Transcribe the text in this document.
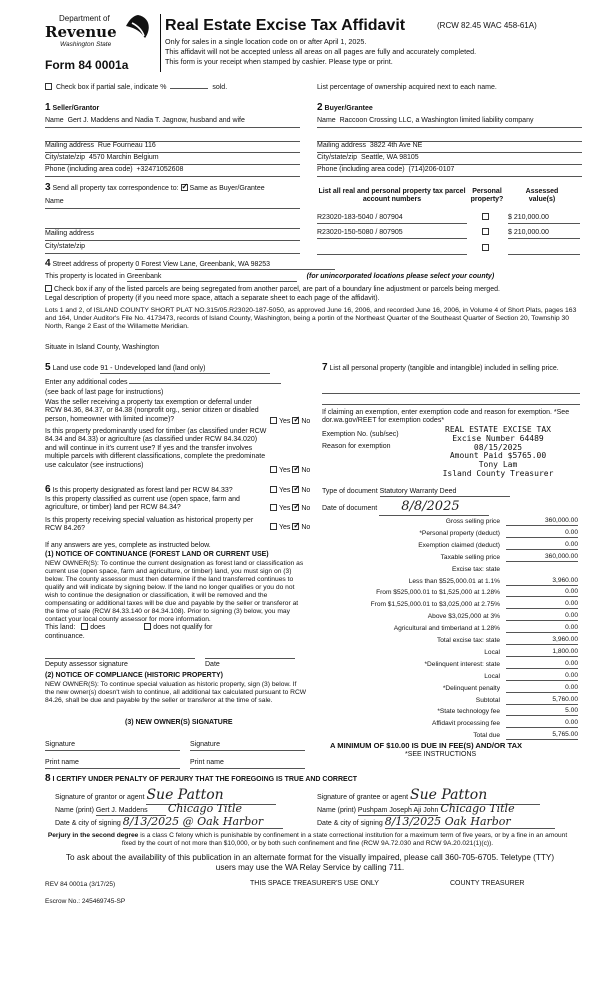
Department of
Revenue
Washington State
Form 84 0001a
Real Estate Excise Tax Affidavit	(RCW 82.45 WAC 458-61A)
Only for sales in a single location code on or after April 1, 2025.
This affidavit will not be accepted unless all areas on all pages are fully and accurately completed.
This form is your receipt when stamped by cashier. Please type or print.
Check box if partial sale, indicate %	sold.	List percentage of ownership acquired next to each name.
1 Seller/Grantor
Name Gert J. Maddens and Nadia T. Jagnow, husband and wife
Mailing address Rue Fourneau 116
City/state/zip 4570 Marchin Belgium
Phone (including area code) +32471052608
2 Buyer/Grantee
Name Raccoon Crossing LLC, a Washington limited liability company
Mailing address 3822 4th Ave NE
City/state/zip Seattle, WA 98105
Phone (including area code) (714)206-0107
3 Send all property tax correspondence to: ✓ Same as Buyer/Grantee
Name
Mailing address
City/state/zip
List all real and personal property tax parcel account numbers
Personal property?
Assessed value(s)
R23020-183-5040 / 807904	$ 210,000.00
R23020-150-5080 / 807905	$ 210,000.00
4 Street address of property 0 Forest View Lane, Greenbank, WA 98253
This property is located in Greenbank	(for unincorporated locations please select your county)
Check box if any of the listed parcels are being segregated from another parcel, are part of a boundary line adjustment or parcels being merged.
Legal description of property (if you need more space, attach a separate sheet to each page of the affidavit).
Lots 1 and 2, of ISLAND COUNTY SHORT PLAT NO.315/05.R23020-187-5050, as approved June 16, 2006, and recorded June 16, 2006, in Volume 4 of Short Plats, pages 163 and 164, Under Auditor's File No. 4173473, records of Island County, Washington, being a portin of the Northeast Quarter of the Southeast Quarter of Section 20, Township 30 North, Range 2 East of the Willamette Meridian.
Situate in Island County, Washington
5 Land use code 91 - Undeveloped land (land only)
Enter any additional codes
(see back of last page for instructions)
Was the seller receiving a property tax exemption or deferral under RCW 84.36, 84.37, or 84.38 (nonprofit org., senior citizen or disabled person, homeowner with limited income)?	Yes ✓ No
Is this property predominantly used for timber (as classified under RCW 84.34 and 84.33) or agriculture (as classified under RCW 84.34.020) and will continue in it's current use? If yes and the transfer involves multiple parcels with different classifications, complete the predominate use calculator (see instructions)
Yes ✓ No
7 List all personal property (tangible and intangible) included in selling price.
If claiming an exemption, enter exemption code and reason for exemption. *See dor.wa.gov/REET for exemption codes*
Exemption No. (sub/sec)
Reason for exemption
REAL ESTATE EXCISE TAX
Excise Number 64489
08/15/2025
Amount Paid $5765.00
Tony Lam
Island County Treasurer
6 Is this property designated as forest land per RCW 84.33?	Yes ✓ No
Is this property classified as current use (open space, farm and agriculture, or timber) land per RCW 84.34?	Yes ✓ No
Is this property receiving special valuation as historical property per RCW 84.26?	Yes ✓ No
If any answers are yes, complete as instructed below.
(1) NOTICE OF CONTINUANCE (FOREST LAND OR CURRENT USE)
NEW OWNER(S): To continue the current designation as forest land or classification as current use (open space, farm and agriculture, or timber) land, you must sign on (3) below. The county assessor must then determine if the land transferred continues to qualify and will indicate by signing below. If the land no longer qualifies or you do not wish to continue the designation or classification, it will be removed and the compensating or additional taxes will be due and payable by the seller or transferor at the time of sale (RCW 84.33.140 or 84.34.108). Prior to signing (3) below, you may contact your local county assessor for more information.
This land: does	does not qualify for
continuance.
Deputy assessor signature	Date
(2) NOTICE OF COMPLIANCE (HISTORIC PROPERTY)
NEW OWNER(S): To continue special valuation as historic property, sign (3) below. If the new owner(s) doesn't wish to continue, all additional tax calculated pursuant to RCW 84.26, shall be due and payable by the seller or transferor at the time of sale.
(3) NEW OWNER(S) SIGNATURE
Signature	Signature
Print name	Print name
Type of document Statutory Warranty Deed
Date of document 8/8/2025
Gross selling price	360,000.00
*Personal property (deduct)	0.00
Exemption claimed (deduct)	0.00
Taxable selling price	360,000.00
Excise tax: state
Less than $525,000.01 at 1.1%	3,960.00
From $525,000.01 to $1,525,000 at 1.28%	0.00
From $1,525,000.01 to $3,025,000 at 2.75%	0.00
Above $3,025,000 at 3%	0.00
Agricultural and timberland at 1.28%	0.00
Total excise tax: state	3,960.00
Local	1,800.00
*Delinquent interest: state	0.00
Local	0.00
*Delinquent penalty	0.00
Subtotal	5,760.00
*State technology fee	5.00
Affidavit processing fee	0.00
Total due	5,765.00
A MINIMUM OF $10.00 IS DUE IN FEE(S) AND/OR TAX
*SEE INSTRUCTIONS
8 I CERTIFY UNDER PENALTY OF PERJURY THAT THE FOREGOING IS TRUE AND CORRECT
Signature of grantor or agent Sue Patton
Name (print) Gert J. Maddens Chicago Title
Date & city of signing 8/13/2025 @ Oak Harbor
Signature of grantee or agent Sue Patton
Name (print) Pushpam Joseph Aji John Chicago Title
Date & city of signing 8/13/2025 Oak Harbor
Perjury in the second degree is a class C felony which is punishable by confinement in a state correctional institution for a maximum term of five years, or by a fine in an amount fixed by the court of not more than $10,000, or by both such confinement and fine (RCW 9A.72.030 and RCW 9A.20.021(1)(c)).
To ask about the availability of this publication in an alternate format for the visually impaired, please call 360-705-6705. Teletype (TTY) users may use the WA Relay Service by calling 711.
REV 84 0001a (3/17/25)	THIS SPACE TREASURER'S USE ONLY	COUNTY TREASURER
Escrow No.: 245469745-SP
